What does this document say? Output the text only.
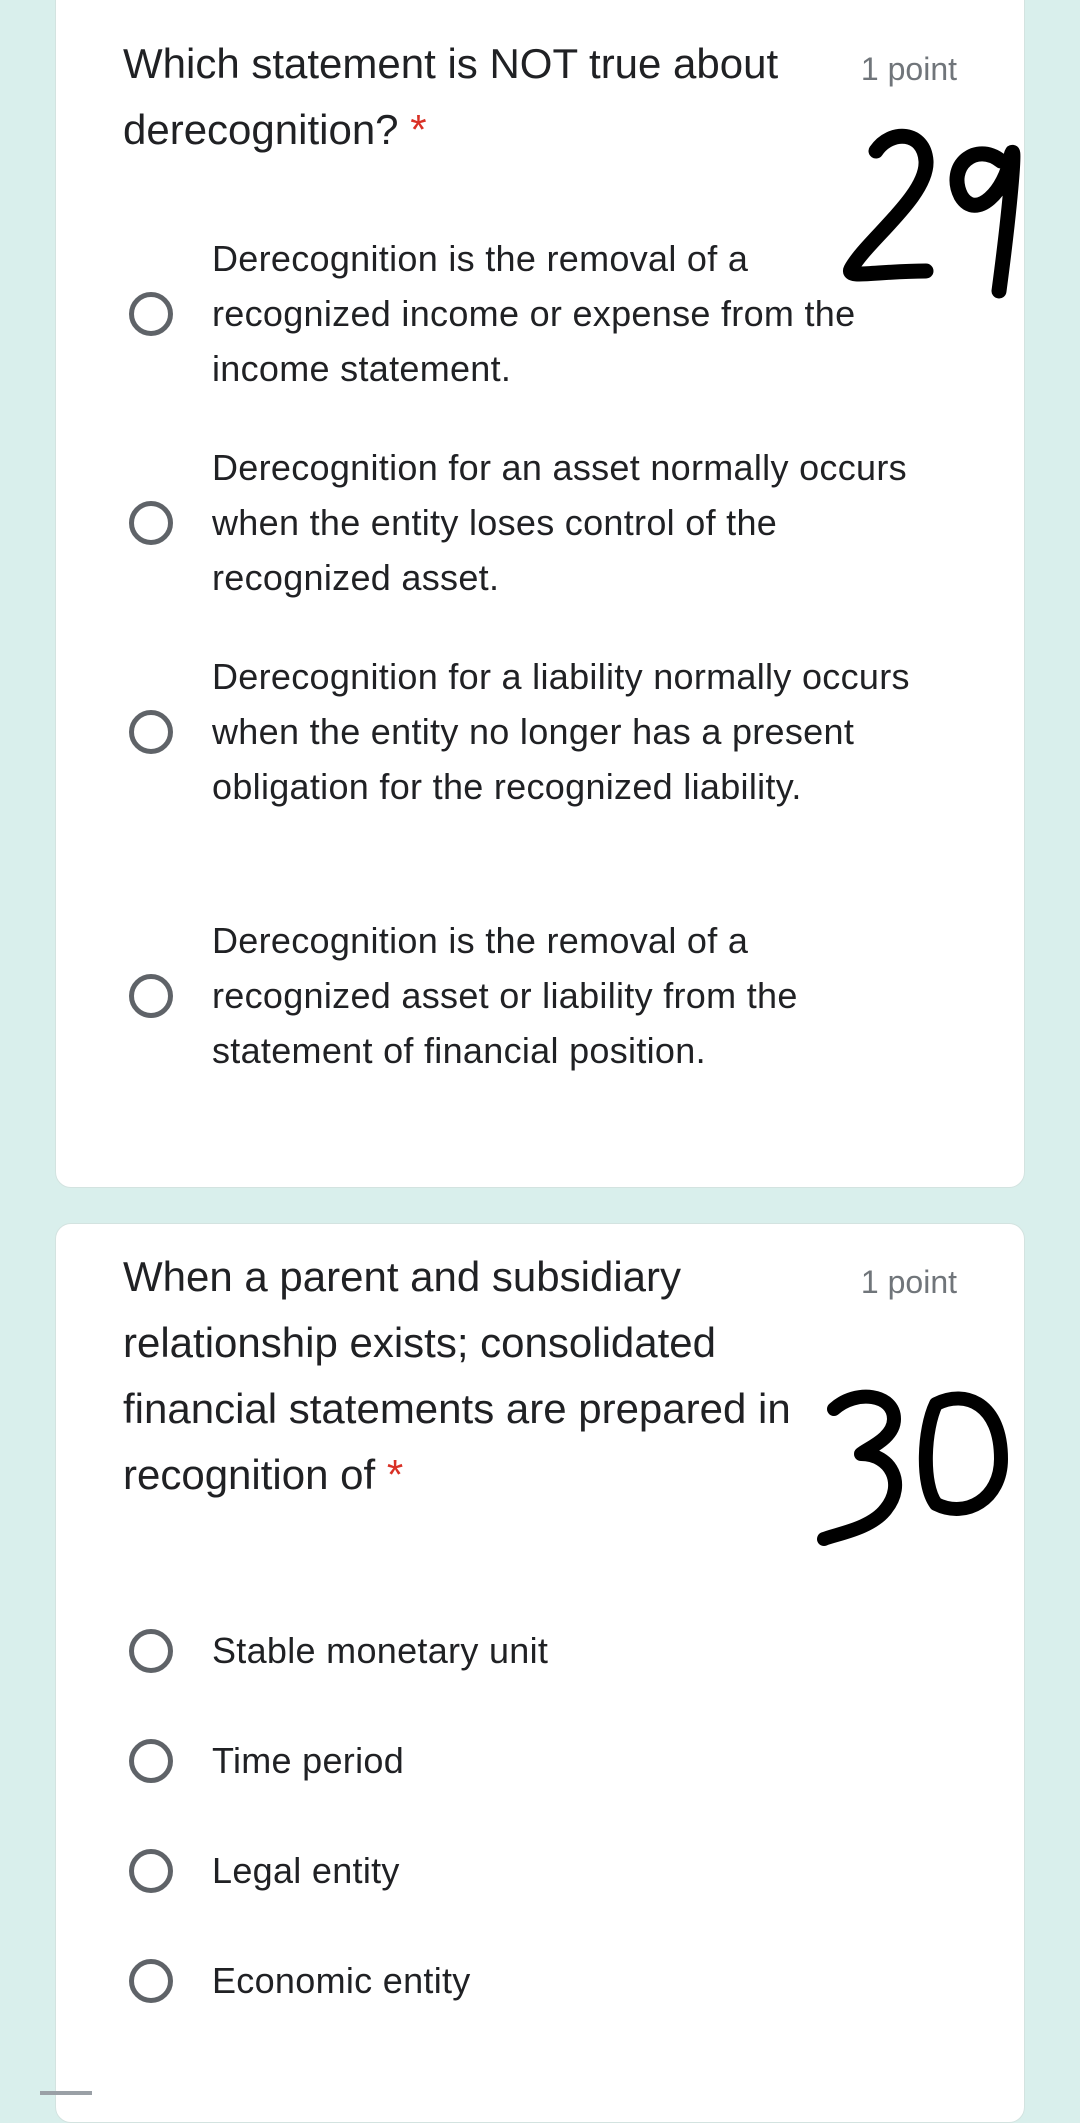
1 point

Which statement is NOT true about derecognition? *

Derecognition is the removal of a recognized income or expense from the income statement.
Derecognition for an asset normally occurs when the entity loses control of the recognized asset.
Derecognition for a liability normally occurs when the entity no longer has a present obligation for the recognized liability.
Derecognition is the removal of a recognized asset or liability from the statement of financial position.
1 point

When a parent and subsidiary relationship exists; consolidated financial statements are prepared in recognition of *

Stable monetary unit
Time period
Legal entity
Economic entity
